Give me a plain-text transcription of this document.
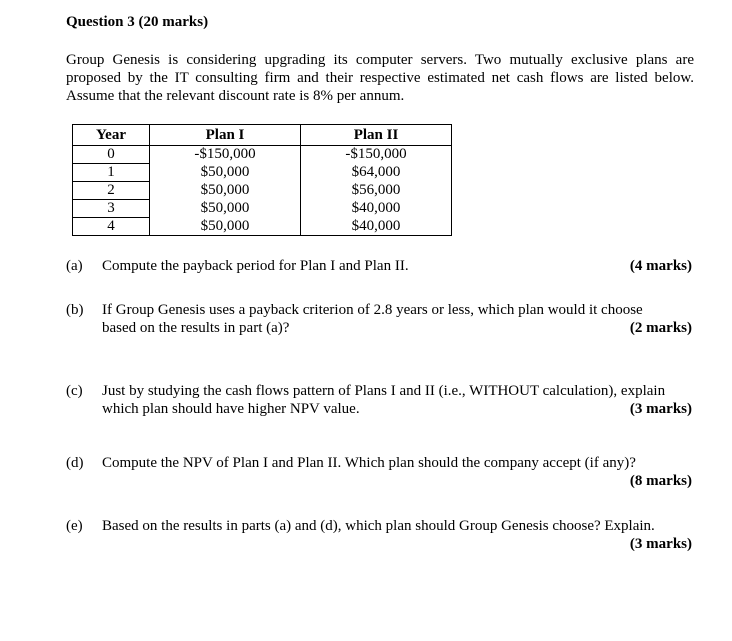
Question 3 (20 marks)
Group Genesis is considering upgrading its computer servers. Two mutually exclusive plans are
proposed by the IT consulting firm and their respective estimated net cash flows are listed below.
Assume that the relevant discount rate is 8% per annum.
Year	Plan I	Plan II
0	-$150,000	-$150,000
1	$50,000	$64,000
2	$50,000	$56,000
3	$50,000	$40,000
4	$50,000	$40,000
(a) Compute the payback period for Plan I and Plan II.	(4 marks)
(b) If Group Genesis uses a payback criterion of 2.8 years or less, which plan would it choose
based on the results in part (a)?	(2 marks)
(c) Just by studying the cash flows pattern of Plans I and II (i.e., WITHOUT calculation), explain
which plan should have higher NPV value.	(3 marks)
(d) Compute the NPV of Plan I and Plan II. Which plan should the company accept (if any)?
(8 marks)
(e) Based on the results in parts (a) and (d), which plan should Group Genesis choose? Explain.
(3 marks)
